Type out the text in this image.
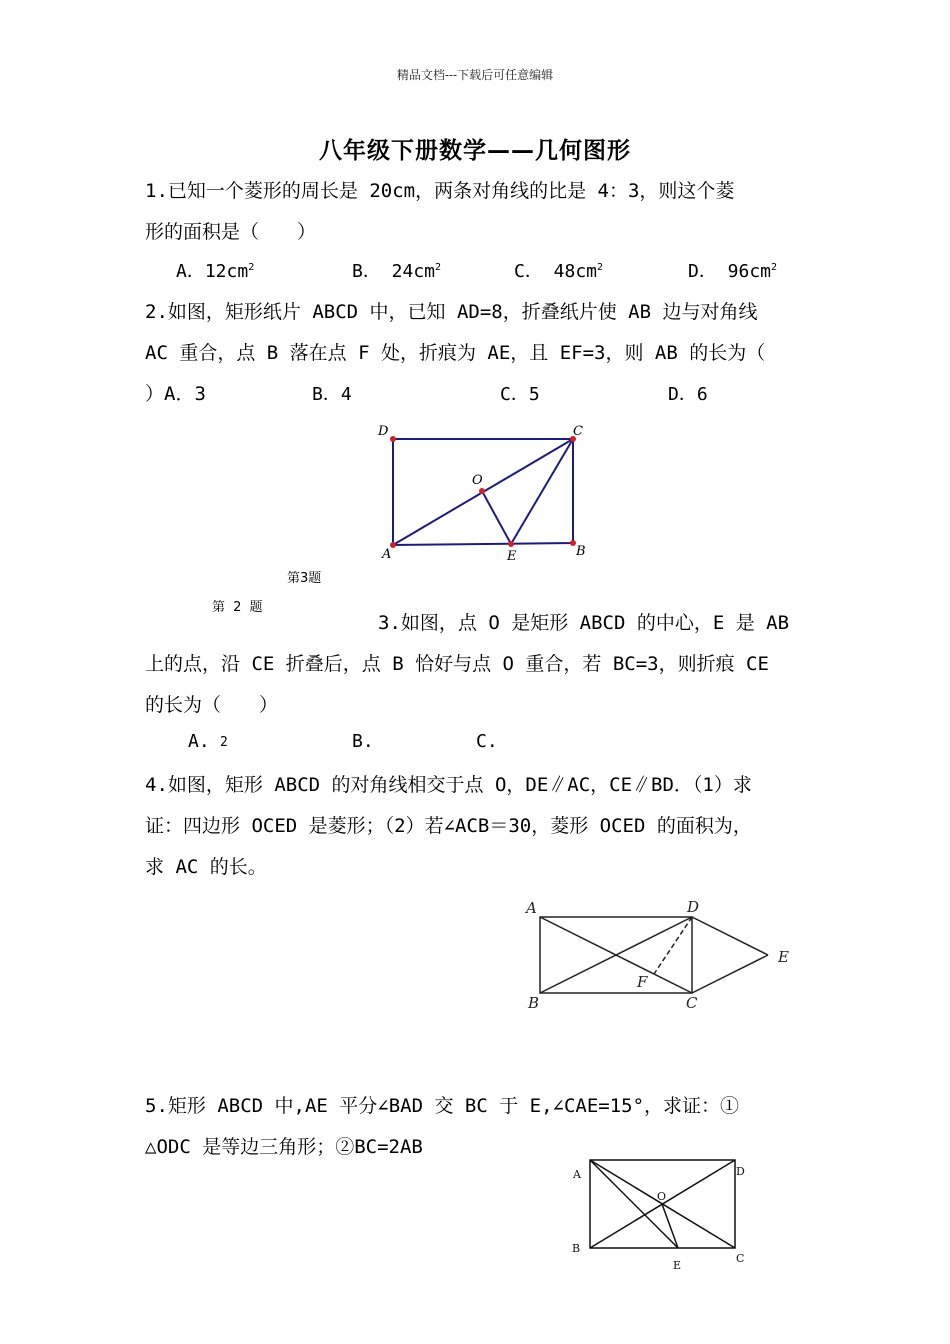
精品文档---下载后可任意编辑
八年级下册数学——几何图形
1.已知一个菱形的周长是 20cm，两条对角线的比是 4：3，则这个菱
形的面积是（　　）
A．$12cm^2$	B． $24cm^2$	C． $48cm^2$	D． $96cm^2$
2.如图，矩形纸片 ABCD 中，已知 AD=8，折叠纸片使 AB 边与对角线
AC 重合，点 B 落在点 F 处，折痕为 AE，且 EF=3，则 AB 的长为（
）A．3	B．4	C．5	D．6
D	C
O
A	E	B
第3题
第 2 题
3.如图，点 O 是矩形 ABCD 的中心，E 是 AB
上的点，沿 CE 折叠后，点 B 恰好与点 O 重合，若 BC=3，则折痕 CE
的长为（　　）
A. 2	B.	C.
4.如图，矩形 ABCD 的对角线相交于点 O，DE∥AC，CE∥BD．（1）求
证：四边形 OCED 是菱形；（2）若∠ACB＝30，菱形 OCED 的面积为，
求 AC 的长。
A	D
E
F
B	C
5.矩形 ABCD 中,AE 平分∠BAD 交 BC 于 E,∠CAE=15°，求证：①
△ODC 是等边三角形；②BC=2AB
A	D
O
B
C
E
